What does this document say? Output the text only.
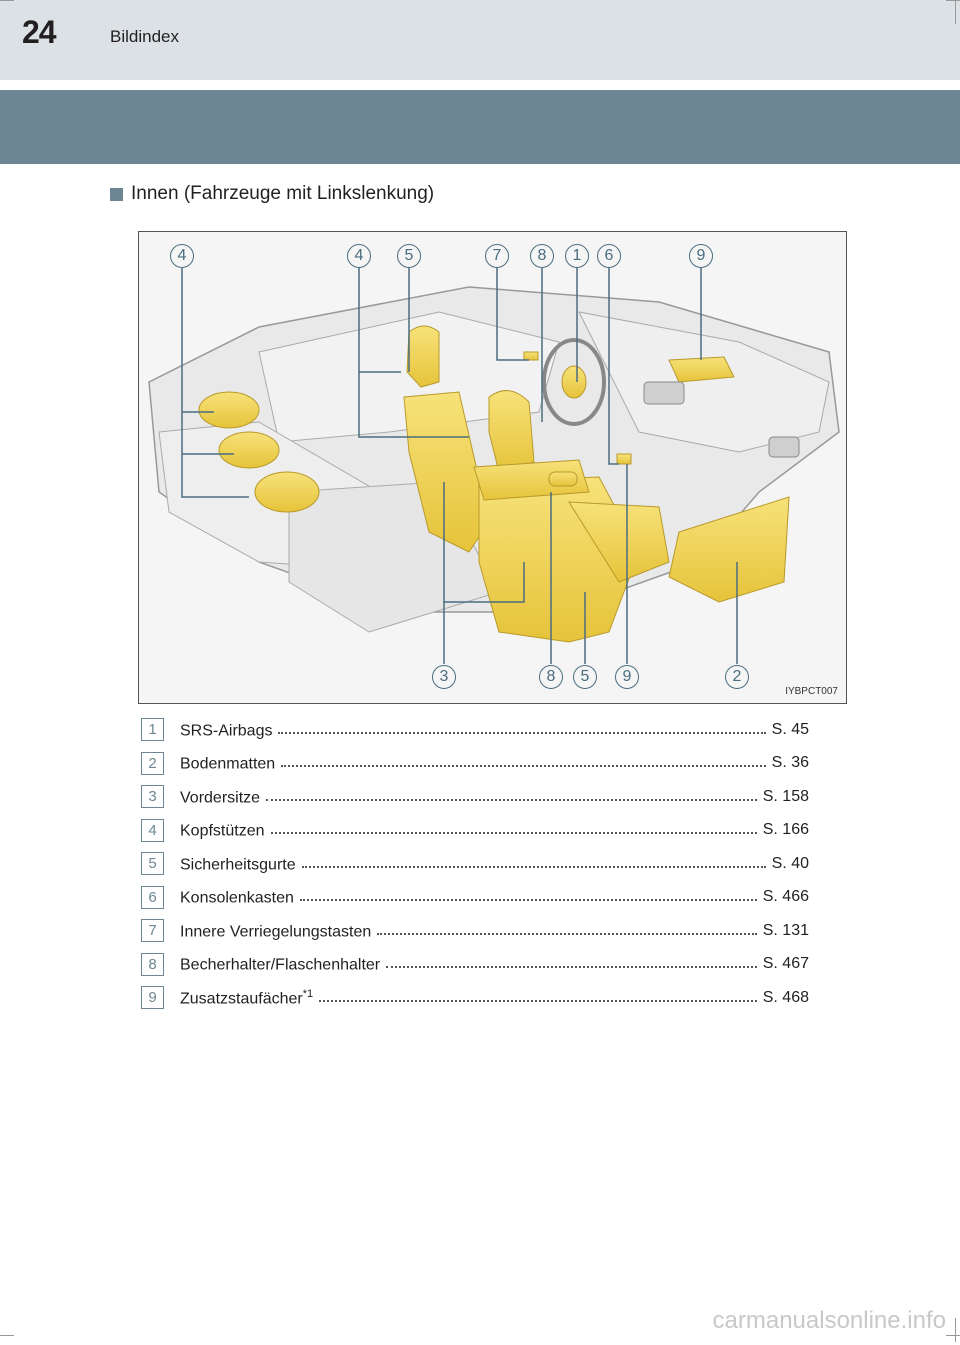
24	Bildindex
Innen (Fahrzeuge mit Linkslenkung)
4	4	5	7	8	1	6	9
3	8	5	9	2
IYBPCT007
1	SRS-Airbags	S. 45
2	Bodenmatten	S. 36
3	Vordersitze	S. 158
4	Kopfstützen	S. 166
5	Sicherheitsgurte	S. 40
6	Konsolenkasten	S. 466
7	Innere Verriegelungstasten	S. 131
8	Becherhalter/Flaschenhalter	S. 467
9	Zusatzstaufächer$^{*1}$	S. 468
carmanualsonline.info
